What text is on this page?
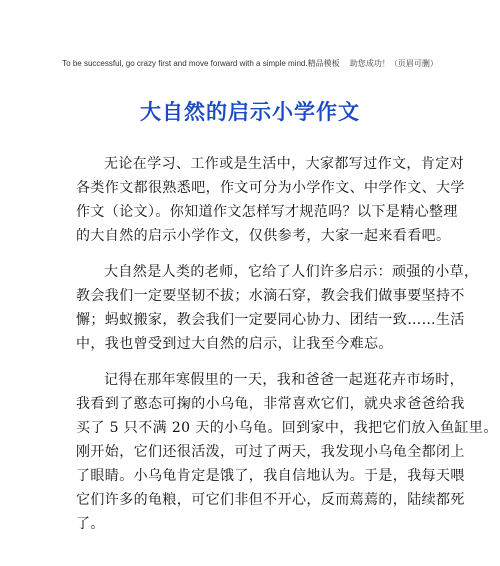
To be successful, go crazy first and move forward with a simple mind.精品模板　 助您成功！（页眉可删）
大自然的启示小学作文
无论在学习、工作或是生活中，大家都写过作文，肯定对
各类作文都很熟悉吧，作文可分为小学作文、中学作文、大学
作文（论文）。你知道作文怎样写才规范吗？以下是精心整理
的大自然的启示小学作文，仅供参考，大家一起来看看吧。
大自然是人类的老师，它给了人们许多启示：顽强的小草，
教会我们一定要坚韧不拔；水滴石穿，教会我们做事要坚持不
懈；蚂蚁搬家，教会我们一定要同心协力、团结一致……生活
中，我也曾受到过大自然的启示，让我至今难忘。
记得在那年寒假里的一天，我和爸爸一起逛花卉市场时，
我看到了憨态可掬的小乌龟，非常喜欢它们，就央求爸爸给我
买了 5 只不满 20 天的小乌龟。回到家中，我把它们放入鱼缸里。
刚开始，它们还很活泼，可过了两天，我发现小乌龟全都闭上
了眼睛。小乌龟肯定是饿了，我自信地认为。于是，我每天喂
它们许多的龟粮，可它们非但不开心，反而蔫蔫的，陆续都死
了。
